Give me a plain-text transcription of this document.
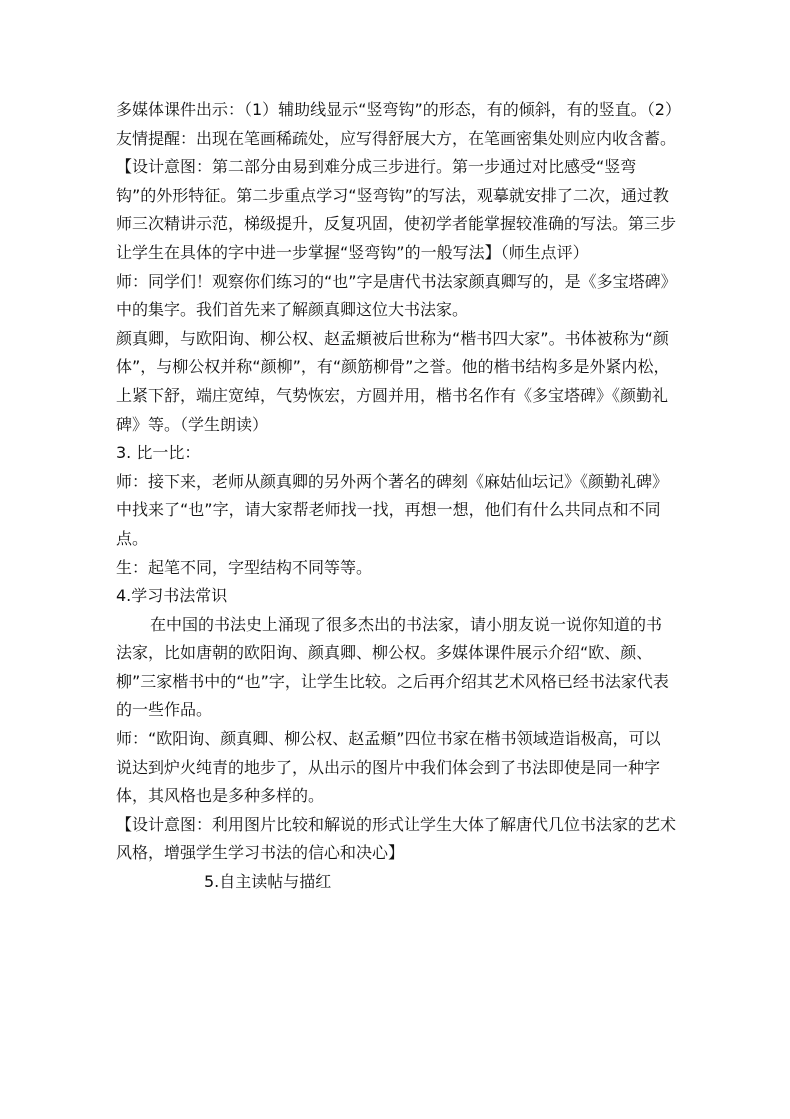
多媒体课件出示：（1）辅助线显示“竖弯钩”的形态，有的倾斜，有的竖直。（2）友情提醒：出现在笔画稀疏处，应写得舒展大方，在笔画密集处则应内收含蓄。

【设计意图：第二部分由易到难分成三步进行。第一步通过对比感受“竖弯钩”的外形特征。第二步重点学习“竖弯钩”的写法，观摹就安排了二次，通过教师三次精讲示范，梯级提升，反复巩固，使初学者能掌握较准确的写法。第三步让学生在具体的字中进一步掌握“竖弯钩”的一般写法】（师生点评）

师：同学们！观察你们练习的“也”字是唐代书法家颜真卿写的，是《多宝塔碑》中的集字。我们首先来了解颜真卿这位大书法家。

颜真卿，与欧阳询、柳公权、赵孟頫被后世称为“楷书四大家”。书体被称为“颜体”，与柳公权并称“颜柳”，有“颜筋柳骨”之誉。他的楷书结构多是外紧内松，上紧下舒，端庄宽绰，气势恢宏，方圆并用，楷书名作有《多宝塔碑》《颜勤礼碑》等。（学生朗读）

3. 比一比：

师：接下来，老师从颜真卿的另外两个著名的碑刻《麻姑仙坛记》《颜勤礼碑》中找来了“也”字，请大家帮老师找一找，再想一想，他们有什么共同点和不同点。

生：起笔不同，字型结构不同等等。

4.学习书法常识

在中国的书法史上涌现了很多杰出的书法家，请小朋友说一说你知道的书法家，比如唐朝的欧阳询、颜真卿、柳公权。多媒体课件展示介绍“欧、颜、柳”三家楷书中的“也”字，让学生比较。之后再介绍其艺术风格已经书法家代表的一些作品。

师：“欧阳询、颜真卿、柳公权、赵孟頫”四位书家在楷书领域造诣极高，可以说达到炉火纯青的地步了，从出示的图片中我们体会到了书法即使是同一种字体，其风格也是多种多样的。

【设计意图：利用图片比较和解说的形式让学生大体了解唐代几位书法家的艺术风格，增强学生学习书法的信心和决心】

5.自主读帖与描红
